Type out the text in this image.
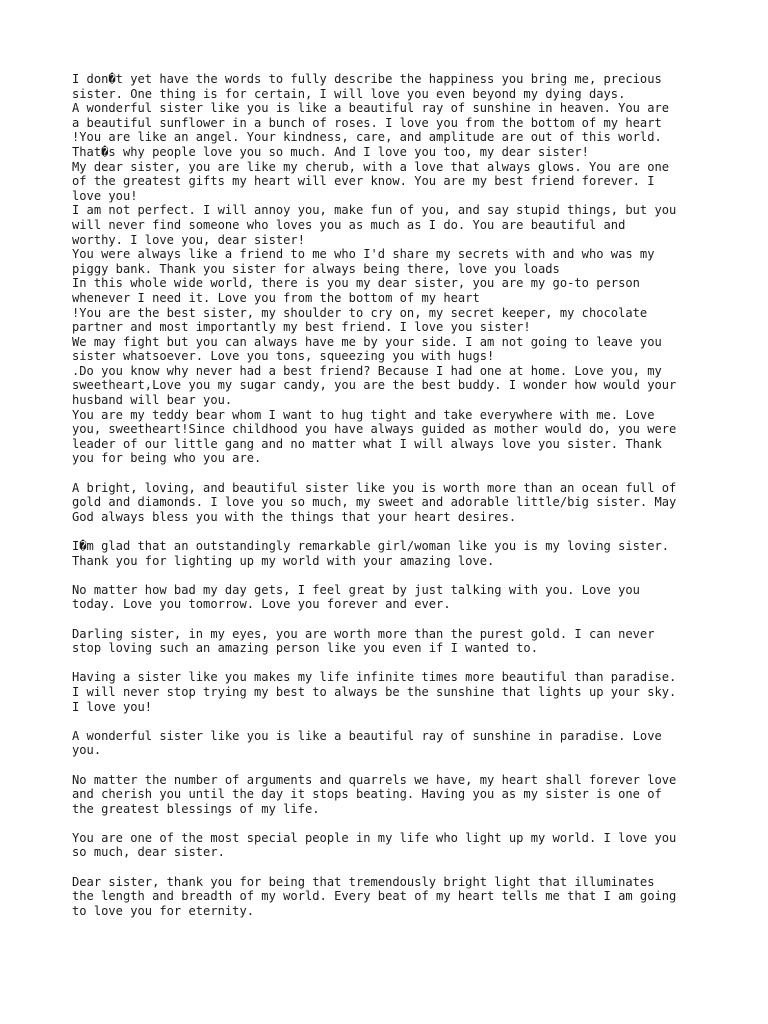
I don�t yet have the words to fully describe the happiness you bring me, precious
sister. One thing is for certain, I will love you even beyond my dying days.
A wonderful sister like you is like a beautiful ray of sunshine in heaven. You are
a beautiful sunflower in a bunch of roses. I love you from the bottom of my heart
!You are like an angel. Your kindness, care, and amplitude are out of this world.
That�s why people love you so much. And I love you too, my dear sister!
My dear sister, you are like my cherub, with a love that always glows. You are one
of the greatest gifts my heart will ever know. You are my best friend forever. I
love you!
I am not perfect. I will annoy you, make fun of you, and say stupid things, but you
will never find someone who loves you as much as I do. You are beautiful and
worthy. I love you, dear sister!
You were always like a friend to me who I'd share my secrets with and who was my
piggy bank. Thank you sister for always being there, love you loads
In this whole wide world, there is you my dear sister, you are my go-to person
whenever I need it. Love you from the bottom of my heart
!You are the best sister, my shoulder to cry on, my secret keeper, my chocolate
partner and most importantly my best friend. I love you sister!
We may fight but you can always have me by your side. I am not going to leave you
sister whatsoever. Love you tons, squeezing you with hugs!
.Do you know why never had a best friend? Because I had one at home. Love you, my
sweetheart,Love you my sugar candy, you are the best buddy. I wonder how would your
husband will bear you.
You are my teddy bear whom I want to hug tight and take everywhere with me. Love
you, sweetheart!Since childhood you have always guided as mother would do, you were
leader of our little gang and no matter what I will always love you sister. Thank
you for being who you are.
A bright, loving, and beautiful sister like you is worth more than an ocean full of
gold and diamonds. I love you so much, my sweet and adorable little/big sister. May
God always bless you with the things that your heart desires.
I�m glad that an outstandingly remarkable girl/woman like you is my loving sister.
Thank you for lighting up my world with your amazing love.
No matter how bad my day gets, I feel great by just talking with you. Love you
today. Love you tomorrow. Love you forever and ever.
Darling sister, in my eyes, you are worth more than the purest gold. I can never
stop loving such an amazing person like you even if I wanted to.
Having a sister like you makes my life infinite times more beautiful than paradise.
I will never stop trying my best to always be the sunshine that lights up your sky.
I love you!
A wonderful sister like you is like a beautiful ray of sunshine in paradise. Love
you.
No matter the number of arguments and quarrels we have, my heart shall forever love
and cherish you until the day it stops beating. Having you as my sister is one of
the greatest blessings of my life.
You are one of the most special people in my life who light up my world. I love you
so much, dear sister.
Dear sister, thank you for being that tremendously bright light that illuminates
the length and breadth of my world. Every beat of my heart tells me that I am going
to love you for eternity.
